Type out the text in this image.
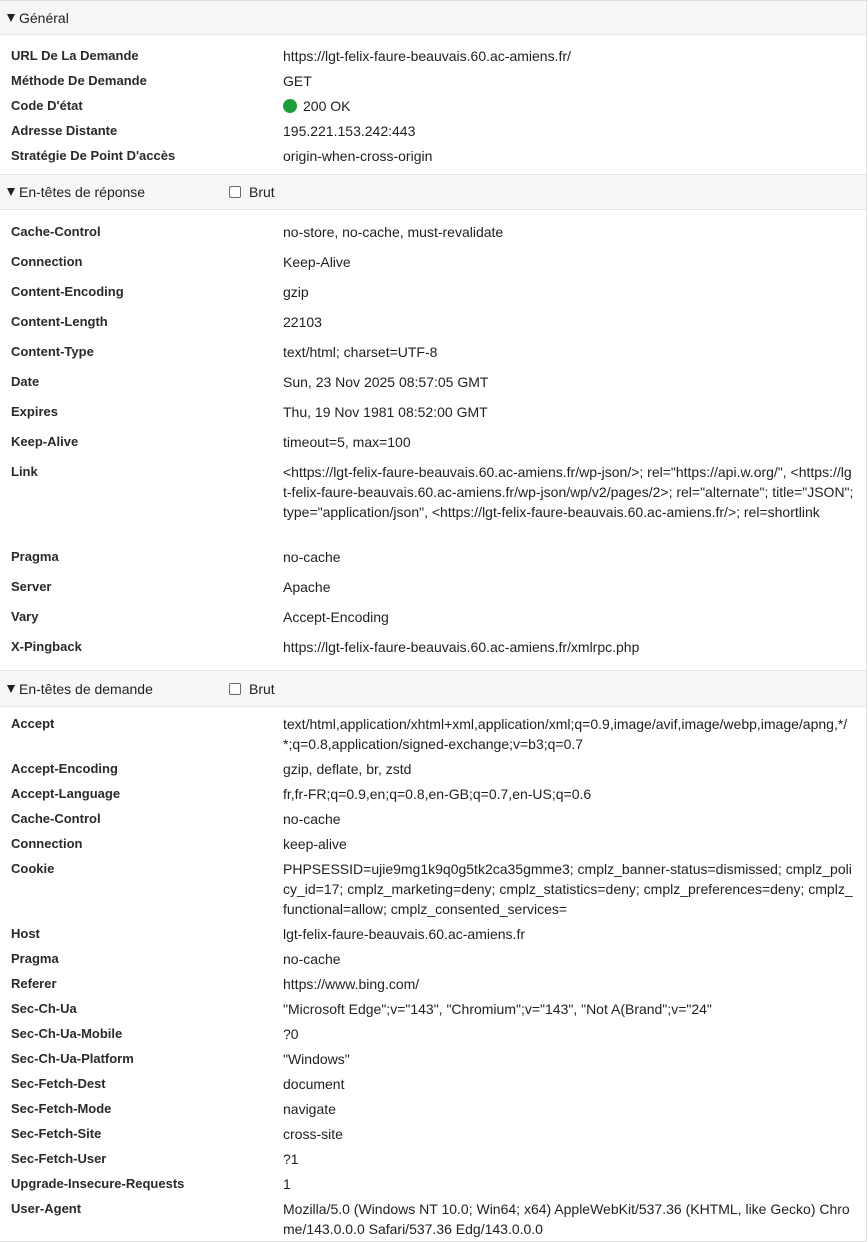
Général
URL De La Demande	https://lgt-felix-faure-beauvais.60.ac-amiens.fr/
Méthode De Demande	GET
Code D'état	200 OK
Adresse Distante	195.221.153.242:443
Stratégie De Point D'accès	origin-when-cross-origin
En-têtes de réponse	Brut
Cache-Control	no-store, no-cache, must-revalidate
Connection	Keep-Alive
Content-Encoding	gzip
Content-Length	22103
Content-Type	text/html; charset=UTF-8
Date	Sun, 23 Nov 2025 08:57:05 GMT
Expires	Thu, 19 Nov 1981 08:52:00 GMT
Keep-Alive	timeout=5, max=100
Link	<https://lgt-felix-faure-beauvais.60.ac-amiens.fr/wp-json/>; rel="https://api.w.org/", <https://lgt-felix-faure-beauvais.60.ac-amiens.fr/wp-json/wp/v2/pages/2>; rel="alternate"; title="JSON"; type="application/json", <https://lgt-felix-faure-beauvais.60.ac-amiens.fr/>; rel=shortlink
Pragma	no-cache
Server	Apache
Vary	Accept-Encoding
X-Pingback	https://lgt-felix-faure-beauvais.60.ac-amiens.fr/xmlrpc.php
En-têtes de demande	Brut
Accept	text/html,application/xhtml+xml,application/xml;q=0.9,image/avif,image/webp,image/apng,*/*;q=0.8,application/signed-exchange;v=b3;q=0.7
Accept-Encoding	gzip, deflate, br, zstd
Accept-Language	fr,fr-FR;q=0.9,en;q=0.8,en-GB;q=0.7,en-US;q=0.6
Cache-Control	no-cache
Connection	keep-alive
Cookie	PHPSESSID=ujie9mg1k9q0g5tk2ca35gmme3; cmplz_banner-status=dismissed; cmplz_policy_id=17; cmplz_marketing=deny; cmplz_statistics=deny; cmplz_preferences=deny; cmplz_functional=allow; cmplz_consented_services=
Host	lgt-felix-faure-beauvais.60.ac-amiens.fr
Pragma	no-cache
Referer	https://www.bing.com/
Sec-Ch-Ua	"Microsoft Edge";v="143", "Chromium";v="143", "Not A(Brand";v="24"
Sec-Ch-Ua-Mobile	?0
Sec-Ch-Ua-Platform	"Windows"
Sec-Fetch-Dest	document
Sec-Fetch-Mode	navigate
Sec-Fetch-Site	cross-site
Sec-Fetch-User	?1
Upgrade-Insecure-Requests	1
User-Agent	Mozilla/5.0 (Windows NT 10.0; Win64; x64) AppleWebKit/537.36 (KHTML, like Gecko) Chrome/143.0.0.0 Safari/537.36 Edg/143.0.0.0
